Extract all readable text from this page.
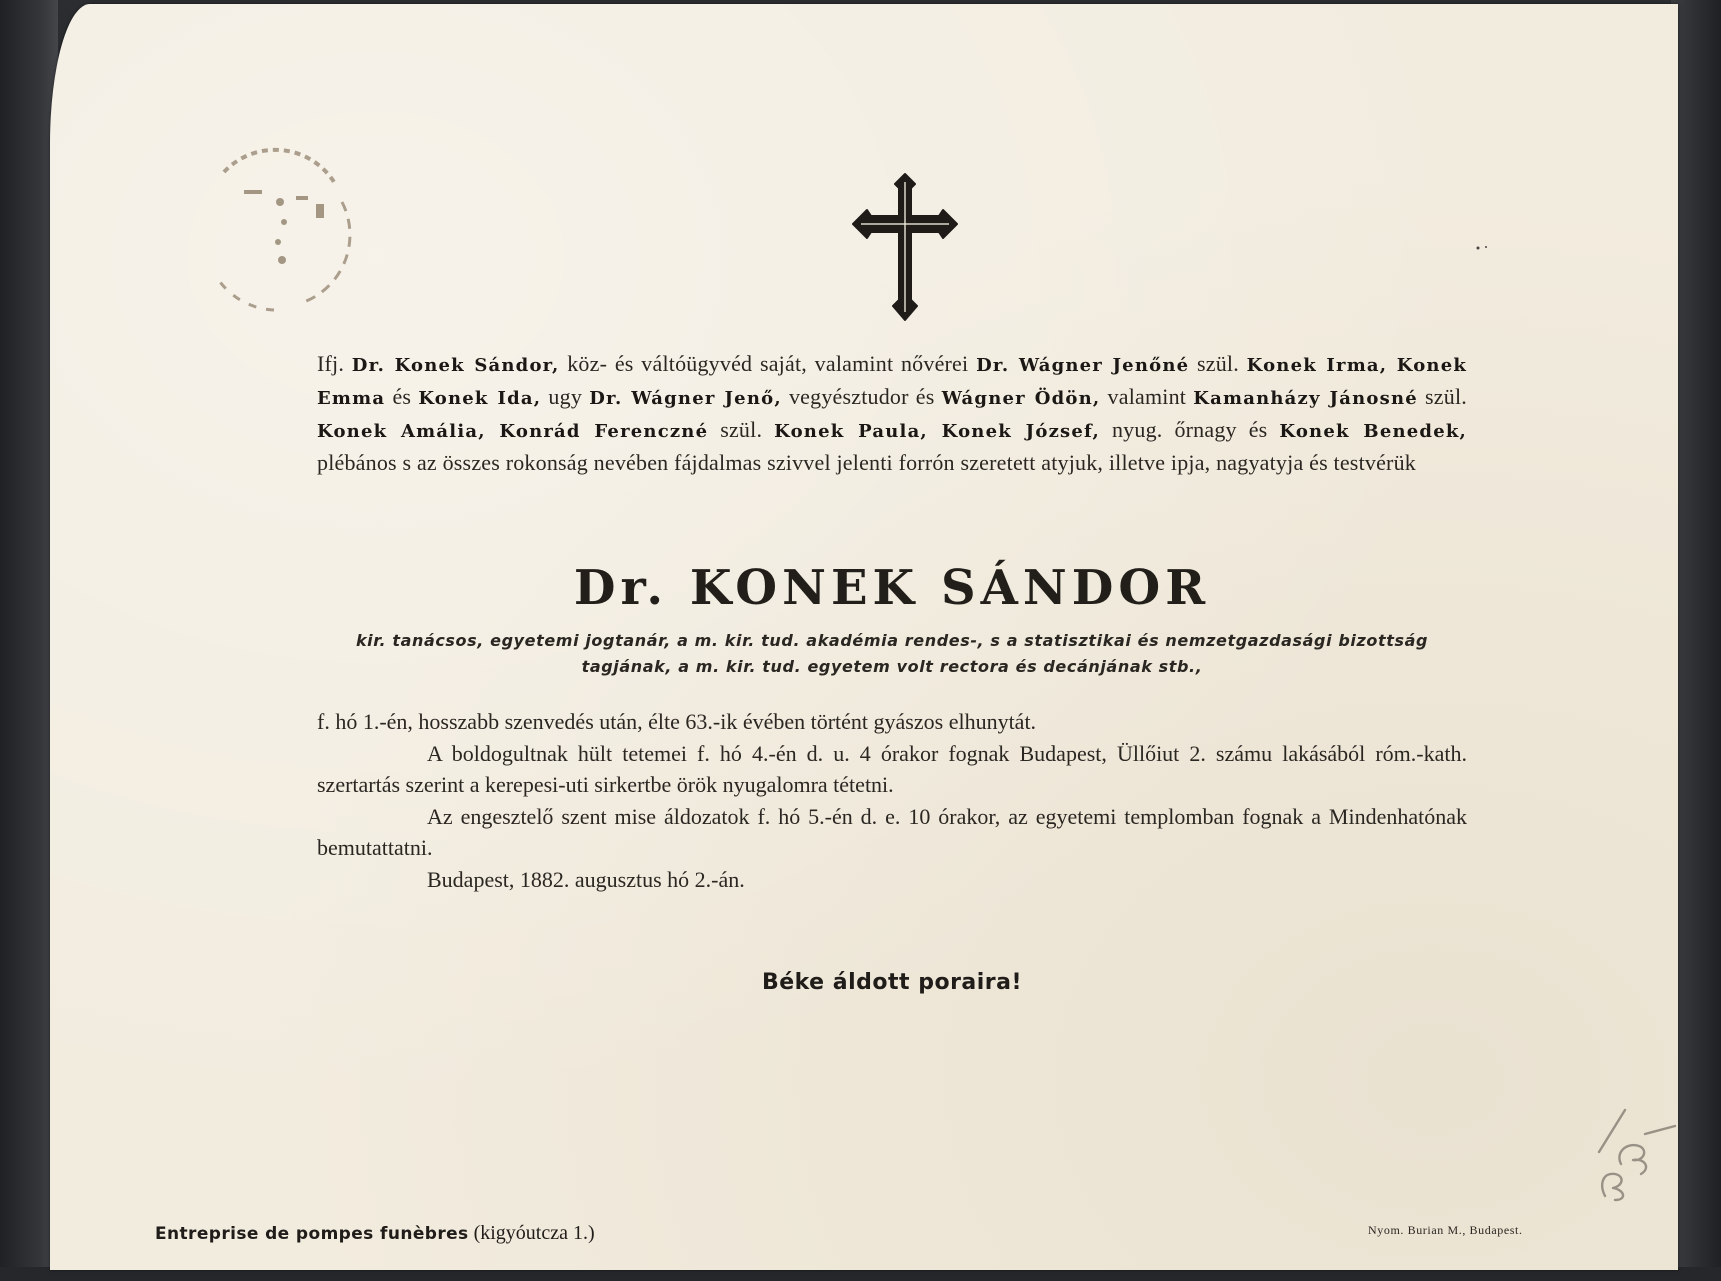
Ifj. Dr. Konek Sándor, köz- és váltóügyvéd saját, valamint nővérei Dr. Wágner Jenőné szül. Konek Irma, Konek Emma és Konek Ida, ugy Dr. Wágner Jenő, vegyésztudor és Wágner Ödön, valamint Kamanházy Jánosné szül. Konek Amália, Konrád Ferenczné szül. Konek Paula, Konek József, nyug. őrnagy és Konek Benedek, plébános s az összes rokonság nevében fájdalmas szivvel jelenti forrón szeretett atyjuk, illetve ipja, nagyatyja és testvérük
Dr. KONEK SÁNDOR
kir. tanácsos, egyetemi jogtanár, a m. kir. tud. akadémia rendes-, s a statisztikai és nemzetgazdasági bizottság
tagjának, a m. kir. tud. egyetem volt rectora és decánjának stb.,

f. hó 1.-én, hosszabb szenvedés után, élte 63.-ik évében történt gyászos elhunytát.

A boldogultnak hült tetemei f. hó 4.-én d. u. 4 órakor fognak Budapest, Üllőiut 2. számu lakásából róm.-kath. szertartás szerint a kerepesi-uti sirkertbe örök nyugalomra tétetni.

Az engesztelő szent mise áldozatok f. hó 5.-én d. e. 10 órakor, az egyetemi templomban fognak a Mindenhatónak bemutattatni.

Budapest, 1882. augusztus hó 2.-án.

Béke áldott poraira!
Entreprise de pompes funèbres (kigyóutcza 1.)	Nyom. Burian M., Budapest.
